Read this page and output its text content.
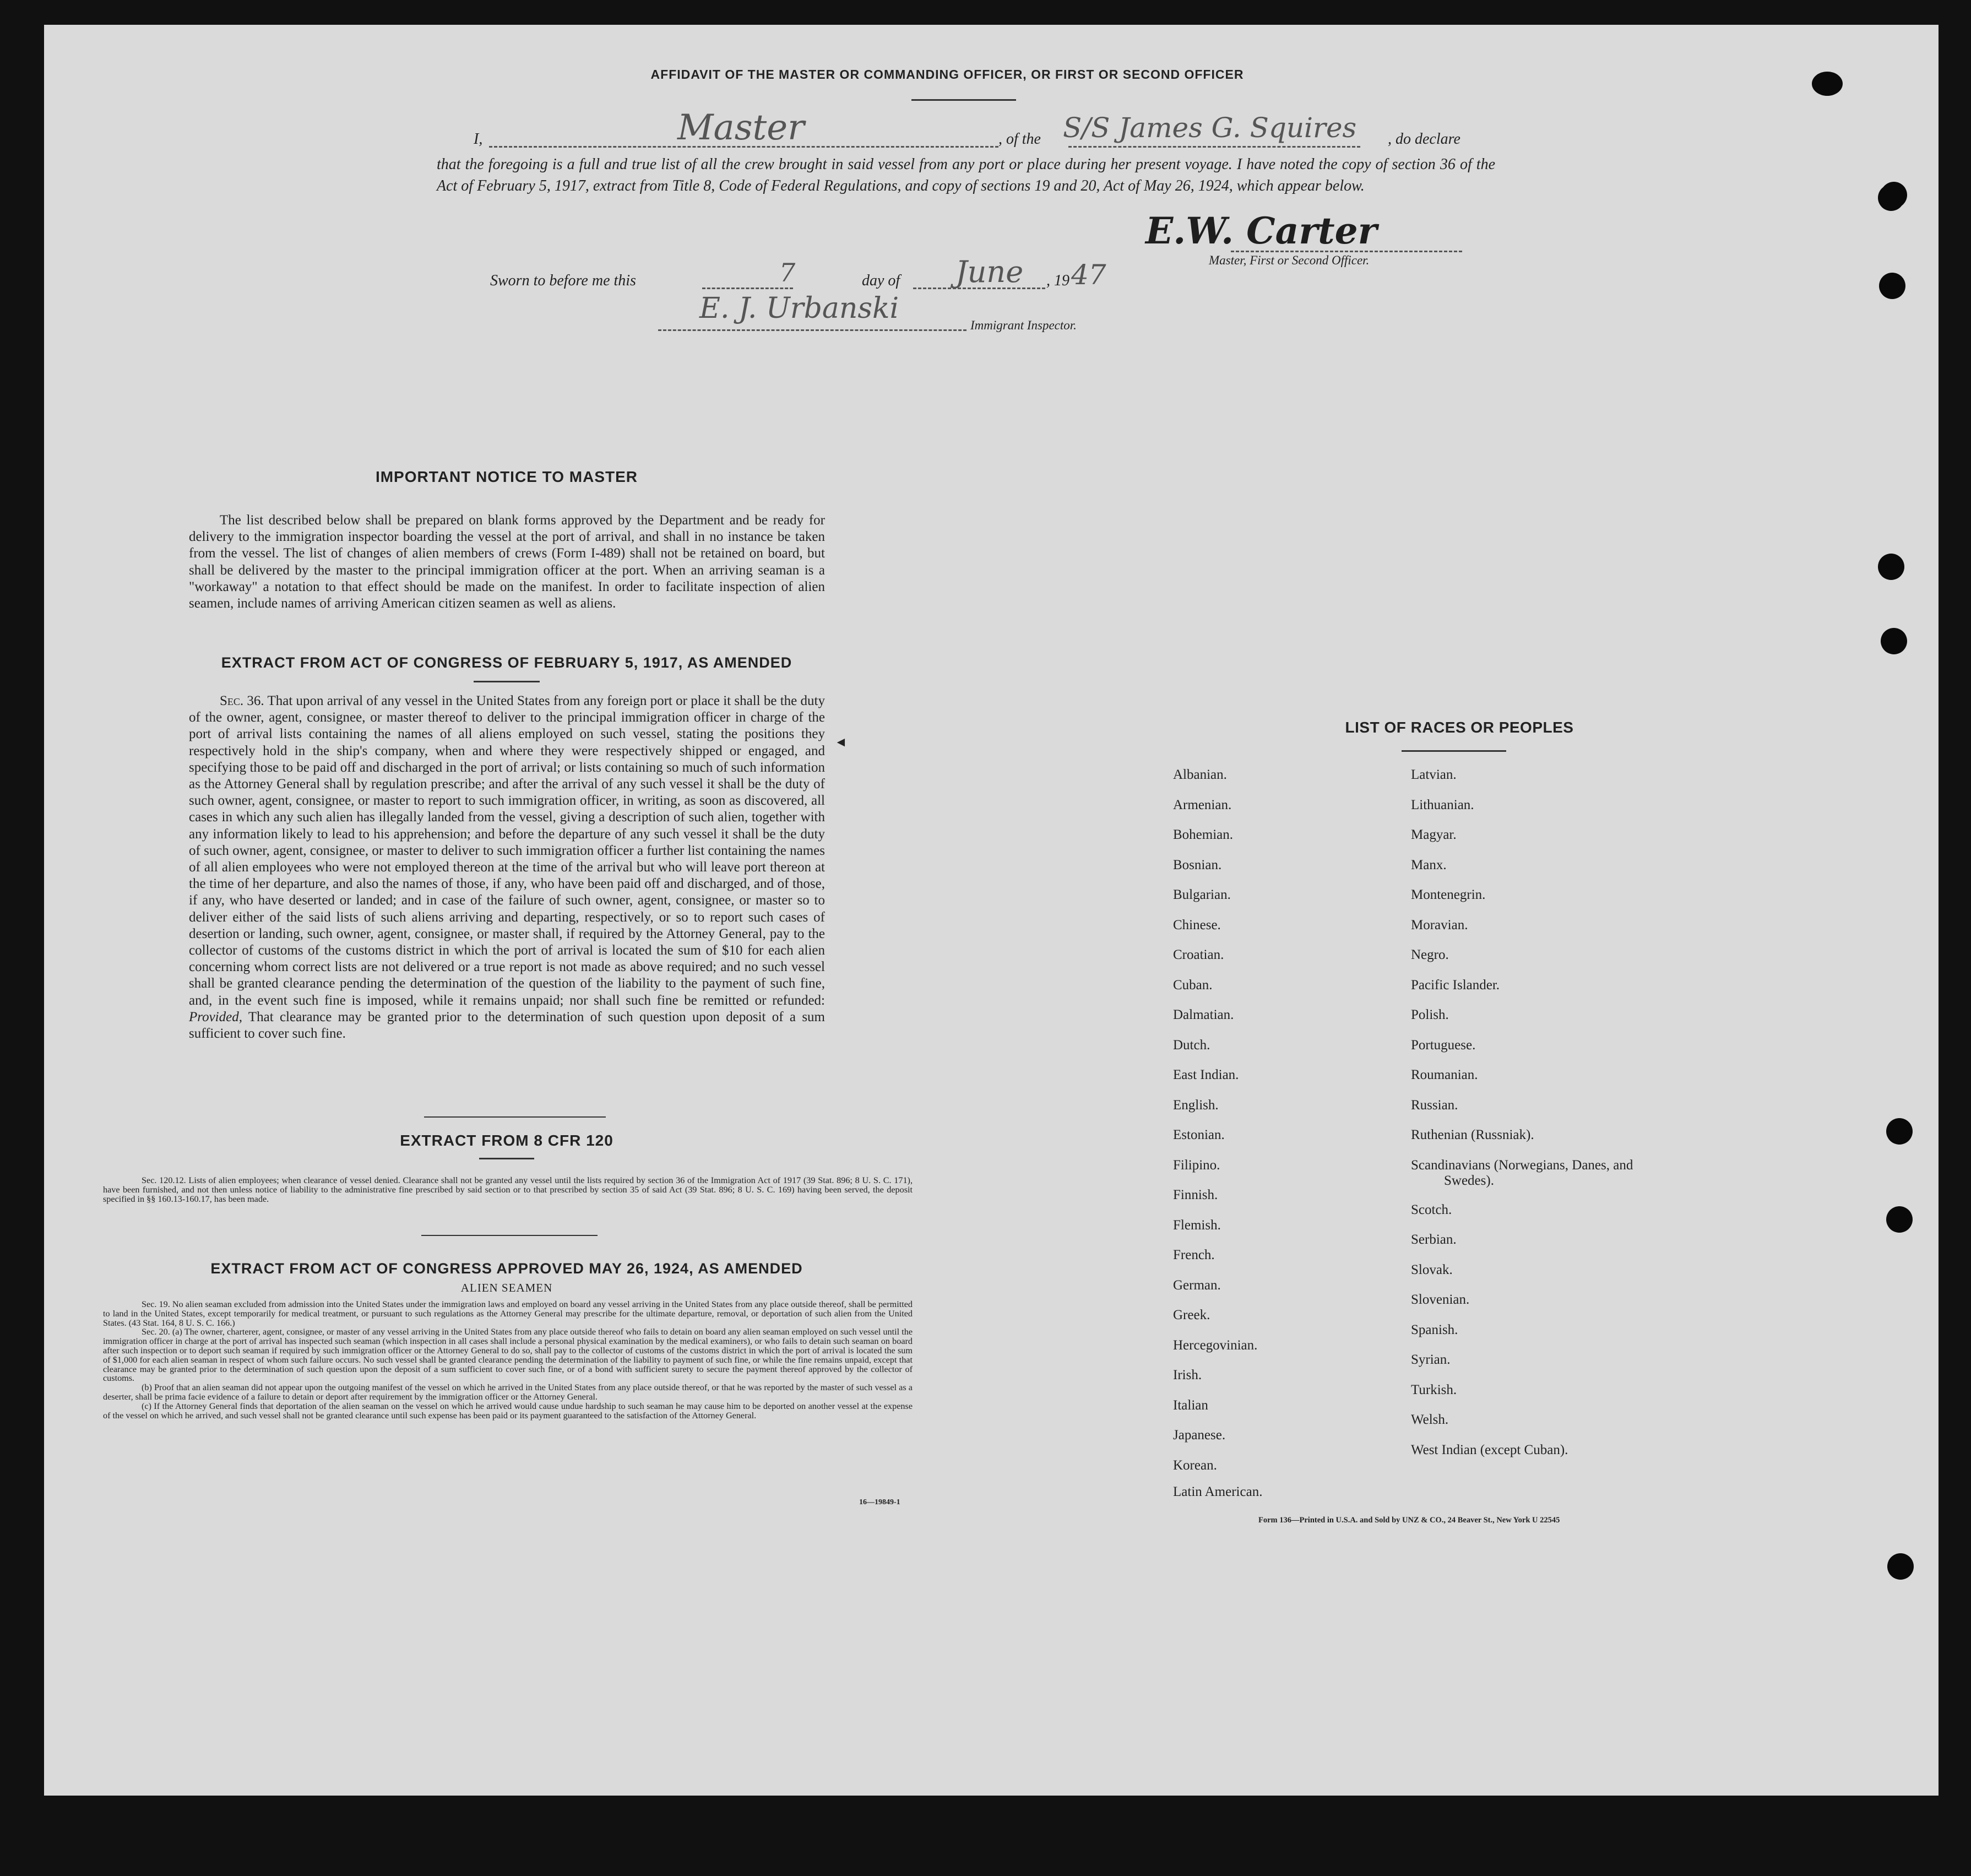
AFFIDAVIT OF THE MASTER OR COMMANDING OFFICER, OR FIRST OR SECOND OFFICER
I,	Master	, of the S/S James G. Squires , do declare
that the foregoing is a full and true list of all the crew brought in said vessel from any port or place during her present voyage. I have noted the copy of section 36 of the Act of February 5, 1917, extract from Title 8, Code of Federal Regulations, and copy of sections 19 and 20, Act of May 26, 1924, which appear below.
E.W. Carter
Master, First or Second Officer.
Sworn to before me this	7	day of June , 19 47
E. J. Urbanski
Immigrant Inspector.
IMPORTANT NOTICE TO MASTER
The list described below shall be prepared on blank forms approved by the Department and be ready for delivery to the immigration inspector boarding the vessel at the port of arrival, and shall in no instance be taken from the vessel. The list of changes of alien members of crews (Form I-489) shall not be retained on board, but shall be delivered by the master to the principal immigration officer at the port. When an arriving seaman is a "workaway" a notation to that effect should be made on the manifest. In order to facilitate inspection of alien seamen, include names of arriving American citizen seamen as well as aliens.
EXTRACT FROM ACT OF CONGRESS OF FEBRUARY 5, 1917, AS AMENDED
Sec. 36. That upon arrival of any vessel in the United States from any foreign port or place it shall be the duty of the owner, agent, consignee, or master thereof to deliver to the principal immigration officer in charge of the port of arrival lists containing the names of all aliens employed on such vessel, stating the positions they respectively hold in the ship's company, when and where they were respectively shipped or engaged, and specifying those to be paid off and discharged in the port of arrival; or lists containing so much of such information as the Attorney General shall by regulation prescribe; and after the arrival of any such vessel it shall be the duty of such owner, agent, consignee, or master to report to such immigration officer, in writing, as soon as discovered, all cases in which any such alien has illegally landed from the vessel, giving a description of such alien, together with any information likely to lead to his apprehension; and before the departure of any such vessel it shall be the duty of such owner, agent, consignee, or master to deliver to such immigration officer a further list containing the names of all alien employees who were not employed thereon at the time of the arrival but who will leave port thereon at the time of her departure, and also the names of those, if any, who have been paid off and discharged, and of those, if any, who have deserted or landed; and in case of the failure of such owner, agent, consignee, or master so to deliver either of the said lists of such aliens arriving and departing, respectively, or so to report such cases of desertion or landing, such owner, agent, consignee, or master shall, if required by the Attorney General, pay to the collector of customs of the customs district in which the port of arrival is located the sum of $10 for each alien concerning whom correct lists are not delivered or a true report is not made as above required; and no such vessel shall be granted clearance pending the determination of the question of the liability to the payment of such fine, and, in the event such fine is imposed, while it remains unpaid; nor shall such fine be remitted or refunded: Provided, That clearance may be granted prior to the determination of such question upon deposit of a sum sufficient to cover such fine.
EXTRACT FROM 8 CFR 120
Sec. 120.12. Lists of alien employees; when clearance of vessel denied. Clearance shall not be granted any vessel until the lists required by section 36 of the Immigration Act of 1917 (39 Stat. 896; 8 U. S. C. 171), have been furnished, and not then unless notice of liability to the administrative fine prescribed by said section or to that prescribed by section 35 of said Act (39 Stat. 896; 8 U. S. C. 169) having been served, the deposit specified in §§ 160.13-160.17, has been made.
EXTRACT FROM ACT OF CONGRESS APPROVED MAY 26, 1924, AS AMENDED
ALIEN SEAMEN
Sec. 19. No alien seaman excluded from admission into the United States under the immigration laws and employed on board any vessel arriving in the United States from any place outside thereof, shall be permitted to land in the United States, except temporarily for medical treatment, or pursuant to such regulations as the Attorney General may prescribe for the ultimate departure, removal, or deportation of such alien from the United States. (43 Stat. 164, 8 U. S. C. 166.)
Sec. 20. (a) The owner, charterer, agent, consignee, or master of any vessel arriving in the United States from any place outside thereof who fails to detain on board any alien seaman employed on such vessel until the immigration officer in charge at the port of arrival has inspected such seaman (which inspection in all cases shall include a personal physical examination by the medical examiners), or who fails to detain such seaman on board after such inspection or to deport such seaman if required by such immigration officer or the Attorney General to do so, shall pay to the collector of customs of the customs district in which the port of arrival is located the sum of $1,000 for each alien seaman in respect of whom such failure occurs. No such vessel shall be granted clearance pending the determination of the liability to payment of such fine, or while the fine remains unpaid, except that clearance may be granted prior to the determination of such question upon the deposit of a sum sufficient to cover such fine, or of a bond with sufficient surety to secure the payment thereof approved by the collector of customs.
(b) Proof that an alien seaman did not appear upon the outgoing manifest of the vessel on which he arrived in the United States from any place outside thereof, or that he was reported by the master of such vessel as a deserter, shall be prima facie evidence of a failure to detain or deport after requirement by the immigration officer or the Attorney General.
(c) If the Attorney General finds that deportation of the alien seaman on the vessel on which he arrived would cause undue hardship to such seaman he may cause him to be deported on another vessel at the expense of the vessel on which he arrived, and such vessel shall not be granted clearance until such expense has been paid or its payment guaranteed to the satisfaction of the Attorney General.
16—19849-1
◄
LIST OF RACES OR PEOPLES
Albanian.
Armenian.
Bohemian.
Bosnian.
Bulgarian.
Chinese.
Croatian.
Cuban.
Dalmatian.
Dutch.
East Indian.
English.
Estonian.
Filipino.
Finnish.
Flemish.
French.
German.
Greek.
Hercegovinian.
Irish.
Italian
Japanese.
Korean.
Latin American.
Latvian.
Lithuanian.
Magyar.
Manx.
Montenegrin.
Moravian.
Negro.
Pacific Islander.
Polish.
Portuguese.
Roumanian.
Russian.
Ruthenian (Russniak).
Scandinavians (Norwegians, Danes, and Swedes).
Scotch.
Serbian.
Slovak.
Slovenian.
Spanish.
Syrian.
Turkish.
Welsh.
West Indian (except Cuban).
Form 136—Printed in U.S.A. and Sold by UNZ & CO., 24 Beaver St., New York U 22545
